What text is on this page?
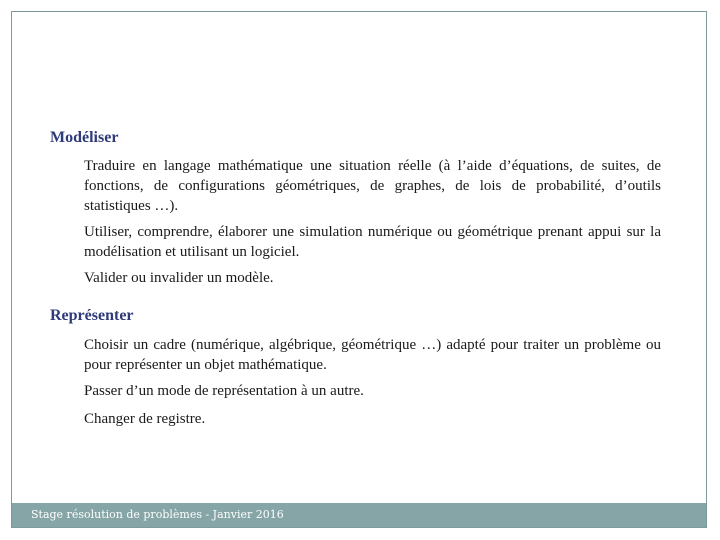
Modéliser

Traduire en langage mathématique une situation réelle (à l’aide d’équations, de suites, de fonctions, de configurations géométriques, de graphes, de lois de probabilité, d’outils statistiques …).

Utiliser, comprendre, élaborer une simulation numérique ou géométrique prenant appui sur la modélisation et utilisant un logiciel.

Valider ou invalider un modèle.

Représenter

Choisir un cadre (numérique, algébrique, géométrique …) adapté pour traiter un problème ou pour représenter un objet mathématique.

Passer d’un mode de représentation à un autre.

Changer de registre.

Stage résolution de problèmes - Janvier 2016
